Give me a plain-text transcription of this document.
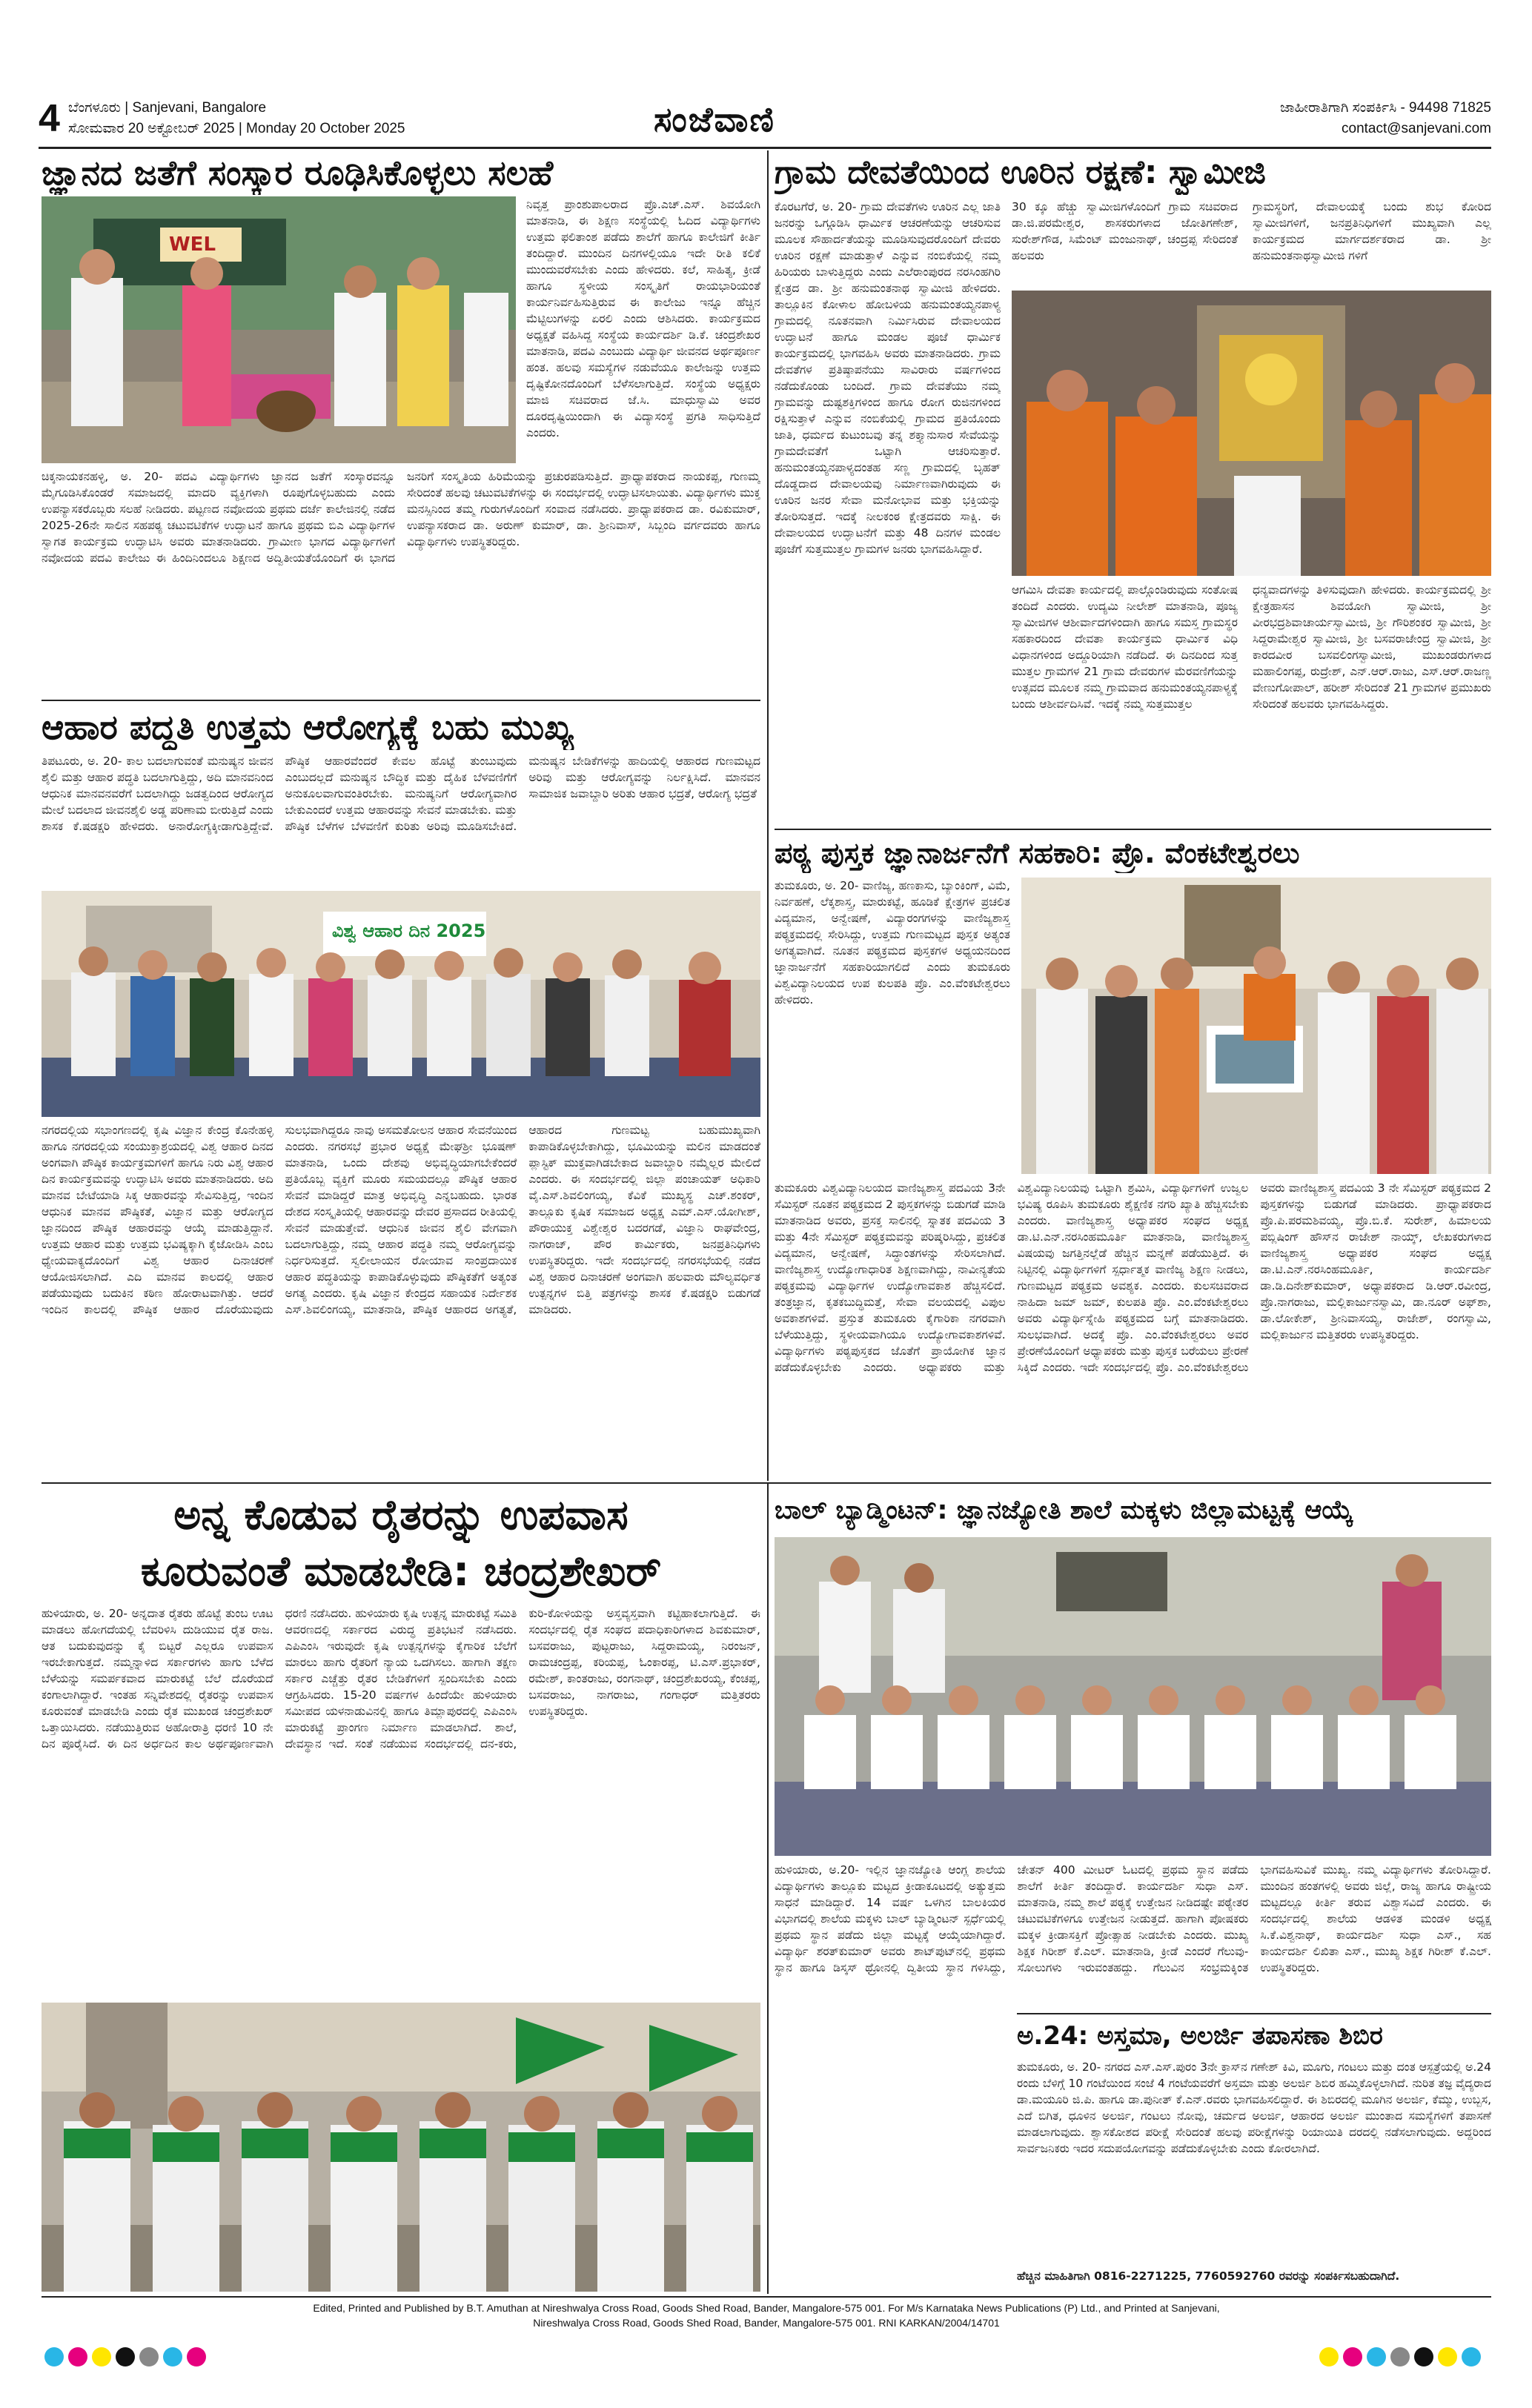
4 ಬೆಂಗಳೂರು | Sanjevani, Bangalore
ಸೋಮವಾರ 20 ಅಕ್ಟೋಬರ್ 2025 | Monday 20 October 2025	ಸಂಜೆವಾಣಿ	ಜಾಹೀರಾತಿಗಾಗಿ ಸಂಪರ್ಕಿಸಿ - 94498 71825
contact@sanjevani.com
ಜ್ಞಾನದ ಜತೆಗೆ ಸಂಸ್ಕಾರ ರೂಢಿಸಿಕೊಳ್ಳಲು ಸಲಹೆ
WEL
ನಿವೃತ್ತ ಪ್ರಾಂಶುಪಾಲರಾದ ಪ್ರೊ.ಎಚ್.ಎಸ್. ಶಿವಯೋಗಿ ಮಾತನಾಡಿ, ಈ ಶಿಕ್ಷಣ ಸಂಸ್ಥೆಯಲ್ಲಿ ಓದಿದ ವಿದ್ಯಾರ್ಥಿಗಳು ಉತ್ತಮ ಫಲಿತಾಂಶ ಪಡೆದು ಶಾಲೆಗೆ ಹಾಗೂ ಕಾಲೇಜಿಗೆ ಕೀರ್ತಿ ತಂದಿದ್ದಾರೆ. ಮುಂದಿನ ದಿನಗಳಲ್ಲಿಯೂ ಇದೇ ರೀತಿ ಕಲಿಕೆ ಮುಂದುವರೆಸಬೇಕು ಎಂದು ಹೇಳಿದರು. ಕಲೆ, ಸಾಹಿತ್ಯ, ಕ್ರೀಡೆ ಹಾಗೂ ಸ್ಥಳೀಯ ಸಂಸ್ಕೃತಿಗೆ ರಾಯಭಾರಿಯಂತೆ ಕಾರ್ಯನಿರ್ವಹಿಸುತ್ತಿರುವ ಈ ಕಾಲೇಜು ಇನ್ನೂ ಹೆಚ್ಚಿನ ಮೆಟ್ಟಿಲುಗಳನ್ನು ಏರಲಿ ಎಂದು ಆಶಿಸಿದರು. ಕಾರ್ಯಕ್ರಮದ ಅಧ್ಯಕ್ಷತೆ ವಹಿಸಿದ್ದ ಸಂಸ್ಥೆಯ ಕಾರ್ಯದರ್ಶಿ ಡಿ.ಕೆ. ಚಂದ್ರಶೇಖರ ಮಾತನಾಡಿ, ಪದವಿ ಎಂಬುದು ವಿದ್ಯಾರ್ಥಿ ಜೀವನದ ಅರ್ಥಪೂರ್ಣ ಹಂತ. ಹಲವು ಸಮಸ್ಯೆಗಳ ನಡುವೆಯೂ ಕಾಲೇಜನ್ನು ಉತ್ತಮ ದೃಷ್ಟಿಕೋನದೊಂದಿಗೆ ಬೆಳೆಸಲಾಗುತ್ತಿದೆ. ಸಂಸ್ಥೆಯ ಅಧ್ಯಕ್ಷರು ಮಾಜಿ ಸಚಿವರಾದ ಜೆ.ಸಿ. ಮಾಧುಸ್ವಾಮಿ ಅವರ ದೂರದೃಷ್ಟಿಯಿಂದಾಗಿ ಈ ವಿದ್ಯಾಸಂಸ್ಥೆ ಪ್ರಗತಿ ಸಾಧಿಸುತ್ತಿದೆ ಎಂದರು.
ಚಿಕ್ಕನಾಯಕನಹಳ್ಳಿ, ಅ. 20- ಪದವಿ ವಿದ್ಯಾರ್ಥಿಗಳು ಜ್ಞಾನದ ಜತೆಗೆ ಸಂಸ್ಕಾರವನ್ನೂ ಮೈಗೂಡಿಸಿಕೊಂಡರೆ ಸಮಾಜದಲ್ಲಿ ಮಾದರಿ ವ್ಯಕ್ತಿಗಳಾಗಿ ರೂಪುಗೊಳ್ಳಬಹುದು ಎಂದು ಉಪನ್ಯಾಸಕರೊಬ್ಬರು ಸಲಹೆ ನೀಡಿದರು. ಪಟ್ಟಣದ ನವೋದಯ ಪ್ರಥಮ ದರ್ಜೆ ಕಾಲೇಜಿನಲ್ಲಿ ನಡೆದ 2025-26ನೇ ಸಾಲಿನ ಸಹಪಠ್ಯ ಚಟುವಟಿಕೆಗಳ ಉದ್ಘಾಟನೆ ಹಾಗೂ ಪ್ರಥಮ ಬಿಎ ವಿದ್ಯಾರ್ಥಿಗಳ ಸ್ವಾಗತ ಕಾರ್ಯಕ್ರಮ ಉದ್ಘಾಟಿಸಿ ಅವರು ಮಾತನಾಡಿದರು. ಗ್ರಾಮೀಣ ಭಾಗದ ವಿದ್ಯಾರ್ಥಿಗಳಿಗೆ ನವೋದಯ ಪದವಿ ಕಾಲೇಜು ಈ ಹಿಂದಿನಿಂದಲೂ ಶಿಕ್ಷಣದ ಅದ್ವಿತೀಯತೆಯೊಂದಿಗೆ ಈ ಭಾಗದ ಜನರಿಗೆ ಸಂಸ್ಕೃತಿಯ ಹಿರಿಮೆಯನ್ನು ಪ್ರಚುರಪಡಿಸುತ್ತಿದೆ. ಪ್ರಾಧ್ಯಾಪಕರಾದ ನಾಯಕಪ್ಪ, ಗುಣಮ್ಮ ಸೇರಿದಂತೆ ಹಲವು ಚಟುವಟಿಕೆಗಳನ್ನು ಈ ಸಂದರ್ಭದಲ್ಲಿ ಉದ್ಘಾಟಿಸಲಾಯಿತು. ವಿದ್ಯಾರ್ಥಿಗಳು ಮುಕ್ತ ಮನಸ್ಸಿನಿಂದ ತಮ್ಮ ಗುರುಗಳೊಂದಿಗೆ ಸಂವಾದ ನಡೆಸಿದರು. ಪ್ರಾಧ್ಯಾಪಕರಾದ ಡಾ. ರವಿಕುಮಾರ್, ಉಪನ್ಯಾಸಕರಾದ ಡಾ. ಅರುಣ್ ಕುಮಾರ್, ಡಾ. ಶ್ರೀನಿವಾಸ್, ಸಿಬ್ಬಂದಿ ವರ್ಗದವರು ಹಾಗೂ ವಿದ್ಯಾರ್ಥಿಗಳು ಉಪಸ್ಥಿತರಿದ್ದರು.
ಗ್ರಾಮ ದೇವತೆಯಿಂದ ಊರಿನ ರಕ್ಷಣೆ: ಸ್ವಾಮೀಜಿ
ಕೊರಟಗೆರೆ, ಅ. 20- ಗ್ರಾಮ ದೇವತೆಗಳು ಊರಿನ ಎಲ್ಲ ಜಾತಿ ಜನರನ್ನು ಒಗ್ಗೂಡಿಸಿ ಧಾರ್ಮಿಕ ಆಚರಣೆಯನ್ನು ಆಚರಿಸುವ ಮೂಲಕ ಸೌಹಾರ್ದತೆಯನ್ನು ಮೂಡಿಸುವುದರೊಂದಿಗೆ ದೇವರು ಊರಿನ ರಕ್ಷಣೆ ಮಾಡುತ್ತಾಳೆ ಎನ್ನುವ ನಂಬಿಕೆಯಲ್ಲಿ ನಮ್ಮ ಹಿರಿಯರು ಬಾಳುತ್ತಿದ್ದರು ಎಂದು ಎಲೆರಾಂಪುರದ ನರಸಿಂಹಗಿರಿ ಕ್ಷೇತ್ರದ ಡಾ. ಶ್ರೀ ಹನುಮಂತನಾಥ ಸ್ವಾಮೀಜಿ ಹೇಳಿದರು. ತಾಲ್ಲೂಕಿನ ಕೋಳಾಲ ಹೋಬಳಿಯ ಹನುಮಂತಯ್ಯನಪಾಳ್ಯ ಗ್ರಾಮದಲ್ಲಿ ನೂತನವಾಗಿ ನಿರ್ಮಿಸಿರುವ ದೇವಾಲಯದ ಉದ್ಘಾಟನೆ ಹಾಗೂ ಮಂಡಲ ಪೂಜೆ ಧಾರ್ಮಿಕ ಕಾರ್ಯಕ್ರಮದಲ್ಲಿ ಭಾಗವಹಿಸಿ ಅವರು ಮಾತನಾಡಿದರು. ಗ್ರಾಮ ದೇವತೆಗಳ ಪ್ರತಿಷ್ಠಾಪನೆಯು ಸಾವಿರಾರು ವರ್ಷಗಳಿಂದ ನಡೆದುಕೊಂಡು ಬಂದಿದೆ. ಗ್ರಾಮ ದೇವತೆಯು ನಮ್ಮ ಗ್ರಾಮವನ್ನು ದುಷ್ಟಶಕ್ತಿಗಳಿಂದ ಹಾಗೂ ರೋಗ ರುಜಿನಗಳಿಂದ ರಕ್ಷಿಸುತ್ತಾಳೆ ಎನ್ನುವ ನಂಬಿಕೆಯಲ್ಲಿ ಗ್ರಾಮದ ಪ್ರತಿಯೊಂದು ಜಾತಿ, ಧರ್ಮದ ಕುಟುಂಬವು ತನ್ನ ಶಕ್ತ್ಯಾನುಸಾರ ಸೇವೆಯನ್ನು ಗ್ರಾಮದೇವತೆಗೆ ಒಟ್ಟಾಗಿ ಆಚರಿಸುತ್ತಾರೆ. ಹನುಮಂತಯ್ಯನಪಾಳ್ಯದಂತಹ ಸಣ್ಣ ಗ್ರಾಮದಲ್ಲಿ ಬೃಹತ್ ದೊಡ್ಡದಾದ ದೇವಾಲಯವು ನಿರ್ಮಾಣವಾಗಿರುವುದು ಈ ಊರಿನ ಜನರ ಸೇವಾ ಮನೋಭಾವ ಮತ್ತು ಭಕ್ತಿಯನ್ನು ತೋರಿಸುತ್ತದೆ. ಇದಕ್ಕೆ ನೀಲಕಂಠ ಕ್ಷೇತ್ರದವರು ಸಾಕ್ಷಿ. ಈ ದೇವಾಲಯದ ಉದ್ಘಾಟನೆಗೆ ಮತ್ತು 48 ದಿನಗಳ ಮಂಡಲ ಪೂಜೆಗೆ ಸುತ್ತಮುತ್ತಲ ಗ್ರಾಮಗಳ ಜನರು ಭಾಗವಹಿಸಿದ್ದಾರೆ.
30 ಕ್ಕೂ ಹೆಚ್ಚು ಸ್ವಾಮೀಜಿಗಳೊಂದಿಗೆ ಗ್ರಾಮ ಸಚಿವರಾದ ಡಾ.ಜಿ.ಪರಮೇಶ್ವರ, ಶಾಸಕರುಗಳಾದ ಜೋತಿಗಣೇಶ್, ಸುರೇಶ್‌ಗೌಡ, ಸಿಮೆಂಟ್ ಮಂಜುನಾಥ್, ಚಂದ್ರಪ್ಪ ಸೇರಿದಂತೆ ಹಲವರು
ಗ್ರಾಮಸ್ಥರಿಗೆ, ದೇವಾಲಯಕ್ಕೆ ಬಂದು ಶುಭ ಕೋರಿದ ಸ್ವಾಮೀಜಿಗಳಿಗೆ, ಜನಪ್ರತಿನಿಧಿಗಳಿಗೆ ಮುಖ್ಯವಾಗಿ ಎಲ್ಲ ಕಾರ್ಯಕ್ರಮದ ಮಾರ್ಗದರ್ಶಕರಾದ ಡಾ. ಶ್ರೀ ಹನುಮಂತನಾಥಸ್ವಾಮೀಜಿ ಗಳಿಗೆ
ಆಗಮಿಸಿ ದೇವತಾ ಕಾರ್ಯದಲ್ಲಿ ಪಾಲ್ಗೊಂಡಿರುವುದು ಸಂತೋಷ ತಂದಿದೆ ಎಂದರು. ಉದ್ಯಮಿ ನೀಲೇಶ್ ಮಾತನಾಡಿ, ಪೂಜ್ಯ ಸ್ವಾಮೀಜಿಗಳ ಆಶೀರ್ವಾದಗಳಿಂದಾಗಿ ಹಾಗೂ ಸಮಸ್ತ ಗ್ರಾಮಸ್ಥರ ಸಹಕಾರದಿಂದ ದೇವತಾ ಕಾರ್ಯಕ್ರಮ ಧಾರ್ಮಿಕ ವಿಧಿ ವಿಧಾನಗಳಿಂದ ಅದ್ದೂರಿಯಾಗಿ ನಡೆದಿದೆ. ಈ ದಿನದಿಂದ ಸುತ್ತ ಮುತ್ತಲ ಗ್ರಾಮಗಳ 21 ಗ್ರಾಮ ದೇವರುಗಳ ಮೆರವಣಿಗೆಯನ್ನು ಉತ್ಸವದ ಮೂಲಕ ನಮ್ಮ ಗ್ರಾಮವಾದ ಹನುಮಂತಯ್ಯನಪಾಳ್ಯಕ್ಕೆ ಬಂದು ಆಶೀರ್ವದಿಸಿವೆ. ಇದಕ್ಕೆ ನಮ್ಮ ಸುತ್ತಮುತ್ತಲ
ಧನ್ಯವಾದಗಳನ್ನು ತಿಳಿಸುವುದಾಗಿ ಹೇಳಿದರು. ಕಾರ್ಯಕ್ರಮದಲ್ಲಿ ಶ್ರೀ ಕ್ಷೇತ್ರಹಾಸನ ಶಿವಯೋಗಿ ಸ್ವಾಮೀಜಿ, ಶ್ರೀ ವೀರಭದ್ರಶಿವಾಚಾರ್ಯಸ್ವಾಮೀಜಿ, ಶ್ರೀ ಗೌರಿಶಂಕರ ಸ್ವಾಮೀಜಿ, ಶ್ರೀ ಸಿದ್ದರಾಮೇಶ್ವರ ಸ್ವಾಮೀಜಿ, ಶ್ರೀ ಬಸವರಾಜೇಂದ್ರ ಸ್ವಾಮೀಜಿ, ಶ್ರೀ ಕಾರದವೀರ ಬಸವಲಿಂಗಸ್ವಾಮೀಜಿ, ಮುಖಂಡರುಗಳಾದ ಮಹಾಲಿಂಗಪ್ಪ, ರುದ್ರೇಶ್, ಎನ್.ಆರ್.ರಾಜು, ಎಸ್.ಆರ್.ರಾಜಣ್ಣ ವೇಣುಗೋಪಾಲ್, ಹರೀಶ್ ಸೇರಿದಂತೆ 21 ಗ್ರಾಮಗಳ ಪ್ರಮುಖರು ಸೇರಿದಂತೆ ಹಲವರು ಭಾಗವಹಿಸಿದ್ದರು.
ಆಹಾರ ಪದ್ಧತಿ ಉತ್ತಮ ಆರೋಗ್ಯಕ್ಕೆ ಬಹು ಮುಖ್ಯ
ತಿಪಟೂರು, ಅ. 20- ಕಾಲ ಬದಲಾಗುವಂತೆ ಮನುಷ್ಯನ ಜೀವನ ಶೈಲಿ ಮತ್ತು ಆಹಾರ ಪದ್ಧತಿ ಬದಲಾಗುತ್ತಿದ್ದು, ಅದಿ ಮಾನವನಿಂದ ಆಧುನಿಕ ಮಾನವನವರೆಗೆ ಬದಲಾಗಿದ್ದು ಜಡತ್ವದಿಂದ ಆರೋಗ್ಯದ ಮೇಲೆ ಬದಲಾದ ಜೀವನಶೈಲಿ ಅಡ್ಡ ಪರಿಣಾಮ ಬೀರುತ್ತಿದೆ ಎಂದು ಶಾಸಕ ಕೆ.ಷಡಕ್ಷರಿ ಹೇಳಿದರು. ಅನಾರೋಗ್ಯಕ್ಕೀಡಾಗುತ್ತಿದ್ದೇವೆ. ಪೌಷ್ಠಿಕ ಆಹಾರವೆಂದರೆ ಕೇವಲ ಹೊಟ್ಟೆ ತುಂಬುವುದು ಎಂಬುದಲ್ಲದೆ ಮನುಷ್ಯನ ಬೌದ್ಧಿಕ ಮತ್ತು ದೈಹಿಕ ಬೆಳವಣಿಗೆಗೆ ಅನುಕೂಲವಾಗುವಂತಿರಬೇಕು. ಮನುಷ್ಯನಿಗೆ ಆರೋಗ್ಯವಾಗಿರ ಬೇಕುಎಂದರೆ ಉತ್ತಮ ಆಹಾರವನ್ನು ಸೇವನೆ ಮಾಡಬೇಕು. ಮತ್ತು ಪೌಷ್ಠಿಕ ಬೆಳೆಗಳ ಬೆಳವಣಿಗೆ ಕುರಿತು ಅರಿವು ಮೂಡಿಸಬೇಕಿದೆ. ಮನುಷ್ಯನ ಬೇಡಿಕೆಗಳನ್ನು ಹಾದಿಯಲ್ಲಿ ಆಹಾರದ ಗುಣಮಟ್ಟದ ಅರಿವು ಮತ್ತು ಆರೋಗ್ಯವನ್ನು ನಿರ್ಲಕ್ಷಿಸಿದೆ. ಮಾನವನ ಸಾಮಾಜಿಕ ಜವಾಬ್ದಾರಿ ಅರಿತು ಆಹಾರ ಭದ್ರತೆ, ಆರೋಗ್ಯ ಭದ್ರತೆ
ವಿಶ್ವ ಆಹಾರ ದಿನ 2025
ನಗರದಲ್ಲಿಯ ಸಭಾಂಗಣದಲ್ಲಿ ಕೃಷಿ ವಿಜ್ಞಾನ ಕೇಂದ್ರ ಕೊನೇಹಳ್ಳಿ ಹಾಗೂ ನಗರದಲ್ಲಿಯ ಸಂಯುಕ್ತಾಶ್ರಯದಲ್ಲಿ ವಿಶ್ವ ಆಹಾರ ದಿನದ ಅಂಗವಾಗಿ ಪೌಷ್ಠಿಕ ಕಾರ್ಯಕ್ರಮಗಳಿಗೆ ಹಾಗೂ ನಿರು ವಿಶ್ವ ಆಹಾರ ದಿನ ಕಾರ್ಯಕ್ರಮವನ್ನು ಉದ್ಘಾಟಿಸಿ ಅವರು ಮಾತನಾಡಿದರು. ಅದಿ ಮಾನವ ಬೇಟೆಯಾಡಿ ಸಿಕ್ಕ ಆಹಾರವನ್ನು ಸೇವಿಸುತ್ತಿದ್ದ, ಇಂದಿನ ಆಧುನಿಕ ಮಾನವ ಪೌಷ್ಠಿಕತೆ, ವಿಜ್ಞಾನ ಮತ್ತು ಆರೋಗ್ಯದ ಜ್ಞಾನದಿಂದ ಪೌಷ್ಠಿಕ ಆಹಾರವನ್ನು ಆಯ್ಕೆ ಮಾಡುತ್ತಿದ್ದಾನೆ. ಉತ್ತಮ ಆಹಾರ ಮತ್ತು ಉತ್ತಮ ಭವಿಷ್ಯಕ್ಕಾಗಿ ಕೈಜೋಡಿಸಿ ಎಂಬ ಧ್ಯೇಯವಾಕ್ಯದೊಂದಿಗೆ ವಿಶ್ವ ಆಹಾರ ದಿನಾಚರಣೆ ಆಯೋಜಿಸಲಾಗಿದೆ. ಎದಿ ಮಾನವ ಕಾಲದಲ್ಲಿ ಆಹಾರ ಪಡೆಯುವುದು ಬದುಕಿನ ಕಠಿಣ ಹೋರಾಟವಾಗಿತ್ತು. ಆದರೆ ಇಂದಿನ ಕಾಲದಲ್ಲಿ ಪೌಷ್ಠಿಕ ಆಹಾರ ದೊರೆಯುವುದು ಸುಲಭವಾಗಿದ್ದರೂ ನಾವು ಅಸಮತೋಲನ ಆಹಾರ ಸೇವನೆಯಿಂದ ಎಂದರು. ನಗರಸಭೆ ಪ್ರಭಾರ ಅಧ್ಯಕ್ಷೆ ಮೇಘಶ್ರೀ ಭೂಷಣ್ ಮಾತನಾಡಿ, ಒಂದು ದೇಶವು ಅಭಿವೃದ್ಧಿಯಾಗಬೇಕೆಂದರೆ ಪ್ರತಿಯೊಬ್ಬ ವ್ಯಕ್ತಿಗೆ ಮೂರು ಸಮಯದಲ್ಲೂ ಪೌಷ್ಠಿಕ ಆಹಾರ ಸೇವನೆ ಮಾಡಿದ್ದರೆ ಮಾತ್ರ ಅಭಿವೃದ್ಧಿ ಎನ್ನಬಹುದು. ಭಾರತ ದೇಶದ ಸಂಸ್ಕೃತಿಯಲ್ಲಿ ಆಹಾರವನ್ನು ದೇವರ ಪ್ರಸಾದದ ರೀತಿಯಲ್ಲಿ ಸೇವನೆ ಮಾಡುತ್ತೇವೆ. ಆಧುನಿಕ ಜೀವನ ಶೈಲಿ ವೇಗವಾಗಿ ಬದಲಾಗುತ್ತಿದ್ದು, ನಮ್ಮ ಆಹಾರ ಪದ್ಧತಿ ನಮ್ಮ ಆರೋಗ್ಯವನ್ನು ನಿರ್ಧರಿಸುತ್ತದೆ. ಸ್ವಲೀಲಾಯನ ರೋಯಾವ ಸಾಂಪ್ರದಾಯಿಕ ಆಹಾರ ಪದ್ಧತಿಯನ್ನು ಕಾಪಾಡಿಕೊಳ್ಳುವುದು ಪೌಷ್ಠಿಕತೆಗೆ ಅತ್ಯಂತ ಅಗತ್ಯ ಎಂದರು. ಕೃಷಿ ವಿಜ್ಞಾನ ಕೇಂದ್ರದ ಸಹಾಯಕ ನಿರ್ದೇಶಕ ಎಸ್.ಶಿವಲಿಂಗಯ್ಯ, ಮಾತನಾಡಿ, ಪೌಷ್ಠಿಕ ಆಹಾರದ ಅಗತ್ಯತೆ, ಆಹಾರದ ಗುಣಮಟ್ಟ ಬಹುಮುಖ್ಯವಾಗಿ ಕಾಪಾಡಿಕೊಳ್ಳಬೇಕಾಗಿದ್ದು, ಭೂಮಿಯನ್ನು ಮಲಿನ ಮಾಡದಂತೆ ಪ್ಲಾಸ್ಟಿಕ್ ಮುಕ್ತವಾಗಿಡಬೇಕಾದ ಜವಾಬ್ದಾರಿ ನಮ್ಮೆಲ್ಲರ ಮೇಲಿದೆ ಎಂದರು. ಈ ಸಂದರ್ಭದಲ್ಲಿ ಜಿಲ್ಲಾ ಪಂಚಾಯತ್ ಅಧಿಕಾರಿ ವೈ.ಎಸ್.ಶಿವಲಿಂಗಯ್ಯ, ಕೆವಿಕೆ ಮುಖ್ಯಸ್ಥ ಎಚ್.ಶಂಕರ್, ತಾಲ್ಲೂಕು ಕೃಷಿಕ ಸಮಾಜದ ಅಧ್ಯಕ್ಷ ಎಮ್.ಎಸ್.ಯೋಗೀಶ್, ಪೌರಾಯುಕ್ತ ವಿಶ್ವೇಶ್ವರ ಬದರಗಡೆ, ವಿಜ್ಞಾನಿ ರಾಘವೇಂದ್ರ, ನಾಗರಾಜ್, ಪೌರ ಕಾರ್ಮಿಕರು, ಜನಪ್ರತಿನಿಧಿಗಳು ಉಪಸ್ಥಿತರಿದ್ದರು. ಇದೇ ಸಂದರ್ಭದಲ್ಲಿ ನಗರಸಭೆಯಲ್ಲಿ ನಡೆದ ವಿಶ್ವ ಆಹಾರ ದಿನಾಚರಣೆ ಅಂಗವಾಗಿ ಹಲವಾರು ಮೌಲ್ಯವರ್ಧಿತ ಉತ್ಪನ್ನಗಳ ಬಿತ್ತಿ ಪತ್ರಗಳನ್ನು ಶಾಸಕ ಕೆ.ಷಡಕ್ಷರಿ ಬಿಡುಗಡೆ ಮಾಡಿದರು.
ಪಠ್ಯ ಪುಸ್ತಕ ಜ್ಞಾನಾರ್ಜನೆಗೆ ಸಹಕಾರಿ: ಪ್ರೊ. ವೆಂಕಟೇಶ್ವರಲು
ತುಮಕೂರು, ಅ. 20- ವಾಣಿಜ್ಯ, ಹಣಕಾಸು, ಬ್ಯಾಂಕಿಂಗ್, ವಿಮೆ, ನಿರ್ವಹಣೆ, ಲೆಕ್ಕಶಾಸ್ತ್ರ, ಮಾರುಕಟ್ಟೆ, ಹೂಡಿಕೆ ಕ್ಷೇತ್ರಗಳ ಪ್ರಚಲಿತ ವಿದ್ಯಮಾನ, ಅನ್ವೇಷಣೆ, ವಿದ್ಯಾರಂಗಗಳನ್ನು ವಾಣಿಜ್ಯಶಾಸ್ತ್ರ ಪಠ್ಯಕ್ರಮದಲ್ಲಿ ಸೇರಿಸಿದ್ದು, ಉತ್ತಮ ಗುಣಮಟ್ಟದ ಪುಸ್ತಕ ಅತ್ಯಂತ ಅಗತ್ಯವಾಗಿದೆ. ನೂತನ ಪಠ್ಯಕ್ರಮದ ಪುಸ್ತಕಗಳ ಅಧ್ಯಯನದಿಂದ ಜ್ಞಾನಾರ್ಜನೆಗೆ ಸಹಕಾರಿಯಾಗಲಿದೆ ಎಂದು ತುಮಕೂರು ವಿಶ್ವವಿದ್ಯಾನಿಲಯದ ಉಪ ಕುಲಪತಿ ಪ್ರೊ. ಎಂ.ವೆಂಕಟೇಶ್ವರಲು ಹೇಳಿದರು.
ತುಮಕೂರು ವಿಶ್ವವಿದ್ಯಾನಿಲಯದ ವಾಣಿಜ್ಯಶಾಸ್ತ್ರ ಪದವಿಯ 3ನೇ ಸೆಮಿಸ್ಟರ್ ನೂತನ ಪಠ್ಯಕ್ರಮದ 2 ಪುಸ್ತಕಗಳನ್ನು ಬಿಡುಗಡೆ ಮಾಡಿ ಮಾತನಾಡಿದ ಅವರು, ಪ್ರಸಕ್ತ ಸಾಲಿನಲ್ಲಿ ಸ್ನಾತಕ ಪದವಿಯ 3 ಮತ್ತು 4ನೇ ಸೆಮಿಸ್ಟರ್ ಪಠ್ಯಕ್ರಮವನ್ನು ಪರಿಷ್ಕರಿಸಿದ್ದು, ಪ್ರಚಲಿತ ವಿದ್ಯಮಾನ, ಅನ್ವೇಷಣೆ, ಸಿದ್ಧಾಂತಗಳನ್ನು ಸೇರಿಸಲಾಗಿದೆ. ವಾಣಿಜ್ಯಶಾಸ್ತ್ರ ಉದ್ಯೋಗಾಧಾರಿತ ಶಿಕ್ಷಣವಾಗಿದ್ದು, ನಾವೀನ್ಯತೆಯ ಪಠ್ಯಕ್ರಮವು ವಿದ್ಯಾರ್ಥಿಗಳ ಉದ್ಯೋಗಾವಕಾಶ ಹೆಚ್ಚಿಸಲಿದೆ. ತಂತ್ರಜ್ಞಾನ, ಕೃತಕಬುದ್ಧಿಮತ್ತೆ, ಸೇವಾ ವಲಯದಲ್ಲಿ ವಿಪುಲ ಅವಕಾಶಗಳಿವೆ. ಪ್ರಸ್ತುತ ತುಮಕೂರು ಕೈಗಾರಿಕಾ ನಗರವಾಗಿ ಬೆಳೆಯುತ್ತಿದ್ದು, ಸ್ಥಳೀಯವಾಗಿಯೂ ಉದ್ಯೋಗಾವಕಾಶಗಳಿವೆ. ವಿದ್ಯಾರ್ಥಿಗಳು ಪಠ್ಯಪುಸ್ತಕದ ಜೊತೆಗೆ ಪ್ರಾಯೋಗಿಕ ಜ್ಞಾನ ಪಡೆದುಕೊಳ್ಳಬೇಕು ಎಂದರು. ಅಧ್ಯಾಪಕರು ಮತ್ತು ವಿಶ್ವವಿದ್ಯಾನಿಲಯವು ಒಟ್ಟಾಗಿ ಶ್ರಮಿಸಿ, ವಿದ್ಯಾರ್ಥಿಗಳಿಗೆ ಉಜ್ವಲ ಭವಿಷ್ಯ ರೂಪಿಸಿ ತುಮಕೂರು ಶೈಕ್ಷಣಿಕ ನಗರಿ ಖ್ಯಾತಿ ಹೆಚ್ಚಿಸಬೇಕು ಎಂದರು. ವಾಣಿಜ್ಯಶಾಸ್ತ್ರ ಅಧ್ಯಾಪಕರ ಸಂಘದ ಅಧ್ಯಕ್ಷ ಡಾ.ಟಿ.ಎನ್.ನರಸಿಂಹಮೂರ್ತಿ ಮಾತನಾಡಿ, ವಾಣಿಜ್ಯಶಾಸ್ತ್ರ ವಿಷಯವು ಜಗತ್ತಿನಲ್ಲೆಡೆ ಹೆಚ್ಚಿನ ಮನ್ನಣೆ ಪಡೆಯುತ್ತಿದೆ. ಈ ನಿಟ್ಟಿನಲ್ಲಿ ವಿದ್ಯಾರ್ಥಿಗಳಿಗೆ ಸ್ಪರ್ಧಾತ್ಮಕ ವಾಣಿಜ್ಯ ಶಿಕ್ಷಣ ನೀಡಲು, ಗುಣಮಟ್ಟದ ಪಠ್ಯಕ್ರಮ ಅವಶ್ಯಕ. ಎಂದರು. ಕುಲಸಚಿವರಾದ ನಾಹಿದಾ ಜಮ್ ಜಮ್, ಕುಲಪತಿ ಪ್ರೊ. ಎಂ.ವೆಂಕಟೇಶ್ವರಲು ಅವರು ವಿದ್ಯಾರ್ಥಿಸ್ನೇಹಿ ಪಠ್ಯಕ್ರಮದ ಬಗ್ಗೆ ಮಾತನಾಡಿದರು. ಸುಲಭವಾಗಿದೆ. ಅದಕ್ಕೆ ಪ್ರೊ. ಎಂ.ವೆಂಕಟೇಶ್ವರಲು ಅವರ ಪ್ರೇರಣೆಯೊಂದಿಗೆ ಅಧ್ಯಾಪಕರು ಮತ್ತು ಪುಸ್ತಕ ಬರೆಯಲು ಪ್ರೇರಣೆ ಸಿಕ್ಕಿದೆ ಎಂದರು. ಇದೇ ಸಂದರ್ಭದಲ್ಲಿ ಪ್ರೊ. ಎಂ.ವೆಂಕಟೇಶ್ವರಲು ಅವರು ವಾಣಿಜ್ಯಶಾಸ್ತ್ರ ಪದವಿಯ 3 ನೇ ಸೆಮಿಸ್ಟರ್ ಪಠ್ಯಕ್ರಮದ 2 ಪುಸ್ತಕಗಳನ್ನು ಬಿಡುಗಡೆ ಮಾಡಿದರು. ಪ್ರಾಧ್ಯಾಪಕರಾದ ಪ್ರೊ.ಪಿ.ಪರಮಶಿವಯ್ಯ, ಪ್ರೊ.ಬಿ.ಕೆ. ಸುರೇಶ್, ಹಿಮಾಲಯ ಪಬ್ಲಿಷಿಂಗ್ ಹೌಸ್‌ನ ರಾಜೇಶ್ ನಾಯ್ಕ್, ಲೇಖಕರುಗಳಾದ ವಾಣಿಜ್ಯಶಾಸ್ತ್ರ ಅಧ್ಯಾಪಕರ ಸಂಘದ ಅಧ್ಯಕ್ಷ ಡಾ.ಟಿ.ಎನ್.ನರಸಿಂಹಮೂರ್ತಿ, ಕಾರ್ಯದರ್ಶಿ ಡಾ.ಡಿ.ದಿನೇಶ್‌ಕುಮಾರ್, ಅಧ್ಯಾಪಕರಾದ ಡಿ.ಆರ್.ರವೀಂದ್ರ, ಪ್ರೊ.ನಾಗರಾಜು, ಮಲ್ಲಿಕಾರ್ಜುನಸ್ವಾಮಿ, ಡಾ.ನೂರ್ ಅಫ್‌ಶಾ, ಡಾ.ಲೋಕೇಶ್, ಶ್ರೀನಿವಾಸಯ್ಯ, ರಾಜೇಶ್, ರಂಗಸ್ವಾಮಿ, ಮಲ್ಲಿಕಾರ್ಜುನ ಮತ್ತಿತರರು ಉಪಸ್ಥಿತರಿದ್ದರು.
ಅನ್ನ ಕೊಡುವ ರೈತರನ್ನು ಉಪವಾಸ
ಕೂರುವಂತೆ ಮಾಡಬೇಡಿ: ಚಂದ್ರಶೇಖರ್
ಹುಳಿಯಾರು, ಅ. 20- ಅನ್ನದಾತ ರೈತರು ಹೊಟ್ಟೆ ತುಂಬ ಊಟ ಮಾಡಲು ಹೋಗದೆಯಲ್ಲಿ ಬೆವರಿಳಿಸಿ ದುಡಿಯುವ ರೈತ ರಾಜ. ಆತ ಬದುಕುವುದನ್ನು ಕೈ ಬಿಟ್ಟರೆ ಎಲ್ಲರೂ ಉಪವಾಸ ಇರಬೇಕಾಗುತ್ತದೆ. ನಮ್ಮನ್ನಾಳಿದ ಸರ್ಕಾರಗಳು ಹಾಗು ಬೆಳೆದ ಬೆಳೆಯನ್ನು ಸಮರ್ಪಕವಾದ ಮಾರುಕಟ್ಟೆ ಬೆಲೆ ದೊರೆಯದೆ ಕಂಗಾಲಾಗಿದ್ದಾರೆ. ಇಂತಹ ಸನ್ನಿವೇಶದಲ್ಲಿ ರೈತರನ್ನು ಉಪವಾಸ ಕೂರುವಂತೆ ಮಾಡಬೇಡಿ ಎಂದು ರೈತ ಮುಖಂಡ ಚಂದ್ರಶೇಖರ್ ಒತ್ತಾಯಿಸಿದರು. ನಡೆಯುತ್ತಿರುವ ಅಹೋರಾತ್ರಿ ಧರಣಿ 10 ನೇ ದಿನ ಪೂರೈಸಿದೆ. ಈ ದಿನ ಅರ್ಧದಿನ ಕಾಲ ಅರ್ಥಪೂರ್ಣವಾಗಿ ಧರಣಿ ನಡೆಸಿದರು. ಹುಳಿಯಾರು ಕೃಷಿ ಉತ್ಪನ್ನ ಮಾರುಕಟ್ಟೆ ಸಮಿತಿ ಆವರಣದಲ್ಲಿ ಸರ್ಕಾರದ ವಿರುದ್ಧ ಪ್ರತಿಭಟನೆ ನಡೆಸಿದರು. ಎಪಿಎಂಸಿ ಇರುವುದೇ ಕೃಷಿ ಉತ್ಪನ್ನಗಳನ್ನು ಕೈಗಾರಿಕ ಬೆಲೆಗೆ ಮಾರಲು ಹಾಗು ರೈತರಿಗೆ ನ್ಯಾಯ ಒದಗಿಸಲು. ಹಾಗಾಗಿ ತಕ್ಷಣ ಸರ್ಕಾರ ಎಚ್ಚೆತ್ತು ರೈತರ ಬೇಡಿಕೆಗಳಿಗೆ ಸ್ಪಂದಿಸಬೇಕು ಎಂದು ಆಗ್ರಹಿಸಿದರು. 15-20 ವರ್ಷಗಳ ಹಿಂದೆಯೇ ಹುಳಿಯಾರು ಸಮೀಪದ ಯಳನಾಡುವಿನಲ್ಲಿ ಹಾಗೂ ತಿಮ್ಲಾಪುರದಲ್ಲಿ ಎಪಿಎಂಸಿ ಮಾರುಕಟ್ಟೆ ಪ್ರಾಂಗಣ ನಿರ್ಮಾಣ ಮಾಡಲಾಗಿದೆ. ಶಾಲೆ, ದೇವಸ್ಥಾನ ಇದೆ. ಸಂತೆ ನಡೆಯುವ ಸಂದರ್ಭದಲ್ಲಿ ದನ-ಕರು, ಕುರಿ-ಕೋಳಿಯನ್ನು ಅಸ್ತವ್ಯಸ್ತವಾಗಿ ಕಟ್ಟಿಹಾಕಲಾಗುತ್ತಿದೆ. ಈ ಸಂದರ್ಭದಲ್ಲಿ ರೈತ ಸಂಘದ ಪದಾಧಿಕಾರಿಗಳಾದ ಶಿವಕುಮಾರ್, ಬಸವರಾಜು, ಪುಟ್ಟರಾಜು, ಸಿದ್ದರಾಮಯ್ಯ, ನಿರಂಜನ್, ರಾಮಚಂದ್ರಪ್ಪ, ಕರಿಯಪ್ಪ, ಓಂಕಾರಪ್ಪ, ಟಿ.ಎಸ್.ಪ್ರಭಾಕರ್, ರಮೇಶ್, ಕಾಂತರಾಜು, ರಂಗನಾಥ್, ಚಂದ್ರಶೇಖರಯ್ಯ, ಕೆಂಚಪ್ಪ, ಬಸವರಾಜು, ನಾಗರಾಜು, ಗಂಗಾಧರ್ ಮತ್ತಿತರರು ಉಪಸ್ಥಿತರಿದ್ದರು.
ಬಾಲ್ ಬ್ಯಾಡ್ಮಿಂಟನ್: ಜ್ಞಾನಜ್ಯೋತಿ ಶಾಲೆ ಮಕ್ಕಳು ಜಿಲ್ಲಾಮಟ್ಟಕ್ಕೆ ಆಯ್ಕೆ
ಹುಳಿಯಾರು, ಅ.20- ಇಲ್ಲಿನ ಜ್ಞಾನಜ್ಯೋತಿ ಆಂಗ್ಲ ಶಾಲೆಯ ವಿದ್ಯಾರ್ಥಿಗಳು ತಾಲ್ಲೂಕು ಮಟ್ಟದ ಕ್ರೀಡಾಕೂಟದಲ್ಲಿ ಅತ್ಯುತ್ತಮ ಸಾಧನೆ ಮಾಡಿದ್ದಾರೆ. 14 ವರ್ಷ ಒಳಗಿನ ಬಾಲಕಿಯರ ವಿಭಾಗದಲ್ಲಿ ಶಾಲೆಯ ಮಕ್ಕಳು ಬಾಲ್ ಬ್ಯಾಡ್ಮಿಂಟನ್ ಸ್ಪರ್ಧೆಯಲ್ಲಿ ಪ್ರಥಮ ಸ್ಥಾನ ಪಡೆದು ಜಿಲ್ಲಾ ಮಟ್ಟಕ್ಕೆ ಆಯ್ಕೆಯಾಗಿದ್ದಾರೆ. ವಿದ್ಯಾರ್ಥಿ ಶರತ್‌ಕುಮಾರ್ ಅವರು ಶಾಟ್‌ಪುಟ್‌ನಲ್ಲಿ ಪ್ರಥಮ ಸ್ಥಾನ ಹಾಗೂ ಡಿಸ್ಕಸ್ ಥ್ರೋನಲ್ಲಿ ದ್ವಿತೀಯ ಸ್ಥಾನ ಗಳಿಸಿದ್ದು, ಚೇತನ್ 400 ಮೀಟರ್ ಓಟದಲ್ಲಿ ಪ್ರಥಮ ಸ್ಥಾನ ಪಡೆದು ಶಾಲೆಗೆ ಕೀರ್ತಿ ತಂದಿದ್ದಾರೆ. ಕಾರ್ಯದರ್ಶಿ ಸುಧಾ ಎಸ್. ಮಾತನಾಡಿ, ನಮ್ಮ ಶಾಲೆ ಪಠ್ಯಕ್ಕೆ ಉತ್ತೇಜನ ನೀಡಿದಷ್ಟೇ ಪಠ್ಯೇತರ ಚಟುವಟಿಕೆಗಳಿಗೂ ಉತ್ತೇಜನ ನೀಡುತ್ತದೆ. ಹಾಗಾಗಿ ಪೋಷಕರು ಮಕ್ಕಳ ಕ್ರೀಡಾಸಕ್ತಿಗೆ ಪ್ರೋತ್ಸಾಹ ನೀಡಬೇಕು ಎಂದರು. ಮುಖ್ಯ ಶಿಕ್ಷಕ ಗಿರೀಶ್ ಕೆ.ಎಲ್. ಮಾತನಾಡಿ, ಕ್ರೀಡೆ ಎಂದರೆ ಗೆಲುವು-ಸೋಲುಗಳು ಇರುವಂತಹದ್ದು. ಗೆಲುವಿನ ಸಂಭ್ರಮಕ್ಕಿಂತ ಭಾಗವಹಿಸುವಿಕೆ ಮುಖ್ಯ. ನಮ್ಮ ವಿದ್ಯಾರ್ಥಿಗಳು ತೋರಿಸಿದ್ದಾರೆ. ಮುಂದಿನ ಹಂತಗಳಲ್ಲಿ ಅವರು ಜಿಲ್ಲೆ, ರಾಜ್ಯ ಹಾಗೂ ರಾಷ್ಟ್ರೀಯ ಮಟ್ಟದಲ್ಲೂ ಕೀರ್ತಿ ತರುವ ವಿಶ್ವಾಸವಿದೆ ಎಂದರು. ಈ ಸಂದರ್ಭದಲ್ಲಿ ಶಾಲೆಯ ಆಡಳಿತ ಮಂಡಳಿ ಅಧ್ಯಕ್ಷ ಸಿ.ಕೆ.ವಿಶ್ವನಾಥ್, ಕಾರ್ಯದರ್ಶಿ ಸುಧಾ ಎಸ್., ಸಹ ಕಾರ್ಯದರ್ಶಿ ಲಿಖಿತಾ ಎಸ್., ಮುಖ್ಯ ಶಿಕ್ಷಕ ಗಿರೀಶ್ ಕೆ.ಎಲ್. ಉಪಸ್ಥಿತರಿದ್ದರು.
ಅ.24: ಅಸ್ತಮಾ, ಅಲರ್ಜಿ ತಪಾಸಣಾ ಶಿಬಿರ
ತುಮಕೂರು, ಅ. 20- ನಗರದ ಎಸ್.ಎಸ್.ಪುರಂ 3ನೇ ಕ್ರಾಸ್‌ನ ಗಣೇಶ್ ಕಿವಿ, ಮೂಗು, ಗಂಟಲು ಮತ್ತು ದಂತ ಆಸ್ಪತ್ರೆಯಲ್ಲಿ ಅ.24 ರಂದು ಬೆಳಿಗ್ಗೆ 10 ಗಂಟೆಯಿಂದ ಸಂಜೆ 4 ಗಂಟೆಯವರೆಗೆ ಅಸ್ತಮಾ ಮತ್ತು ಅಲರ್ಜಿ ಶಿಬಿರ ಹಮ್ಮಿಕೊಳ್ಳಲಾಗಿದೆ. ನುರಿತ ತಜ್ಞ ವೈದ್ಯರಾದ ಡಾ.ಮಯೂರಿ ಜಿ.ಪಿ. ಹಾಗೂ ಡಾ.ಪುನೀತ್ ಕೆ.ಎನ್.ರವರು ಭಾಗವಹಿಸಲಿದ್ದಾರೆ. ಈ ಶಿಬಿರದಲ್ಲಿ ಮೂಗಿನ ಅಲರ್ಜಿ, ಕೆಮ್ಮು, ಉಬ್ಬಸ, ಎದೆ ಬಿಗಿತ, ಧೂಳಿನ ಅಲರ್ಜಿ, ಗಂಟಲು ನೋವು, ಚರ್ಮದ ಅಲರ್ಜಿ, ಆಹಾರದ ಅಲರ್ಜಿ ಮುಂತಾದ ಸಮಸ್ಯೆಗಳಿಗೆ ತಪಾಸಣೆ ಮಾಡಲಾಗುವುದು. ಶ್ವಾಸಕೋಶದ ಪರೀಕ್ಷೆ ಸೇರಿದಂತೆ ಹಲವು ಪರೀಕ್ಷೆಗಳನ್ನು ರಿಯಾಯಿತಿ ದರದಲ್ಲಿ ನಡೆಸಲಾಗುವುದು. ಅದ್ದರಿಂದ ಸಾರ್ವಜನಿಕರು ಇದರ ಸದುಪಯೋಗವನ್ನು ಪಡೆದುಕೊಳ್ಳಬೇಕು ಎಂದು ಕೋರಲಾಗಿದೆ.
ಹೆಚ್ಚಿನ ಮಾಹಿತಿಗಾಗಿ 0816-2271225, 7760592760 ರವರನ್ನು ಸಂಪರ್ಕಿಸಬಹುದಾಗಿದೆ.
Edited, Printed and Published by B.T. Amuthan at Nireshwalya Cross Road, Goods Shed Road, Bander, Mangalore-575 001. For M/s Karnataka News Publications (P) Ltd., and Printed at Sanjevani,
Nireshwalya Cross Road, Goods Shed Road, Bander, Mangalore-575 001. RNI KARKAN/2004/14701
